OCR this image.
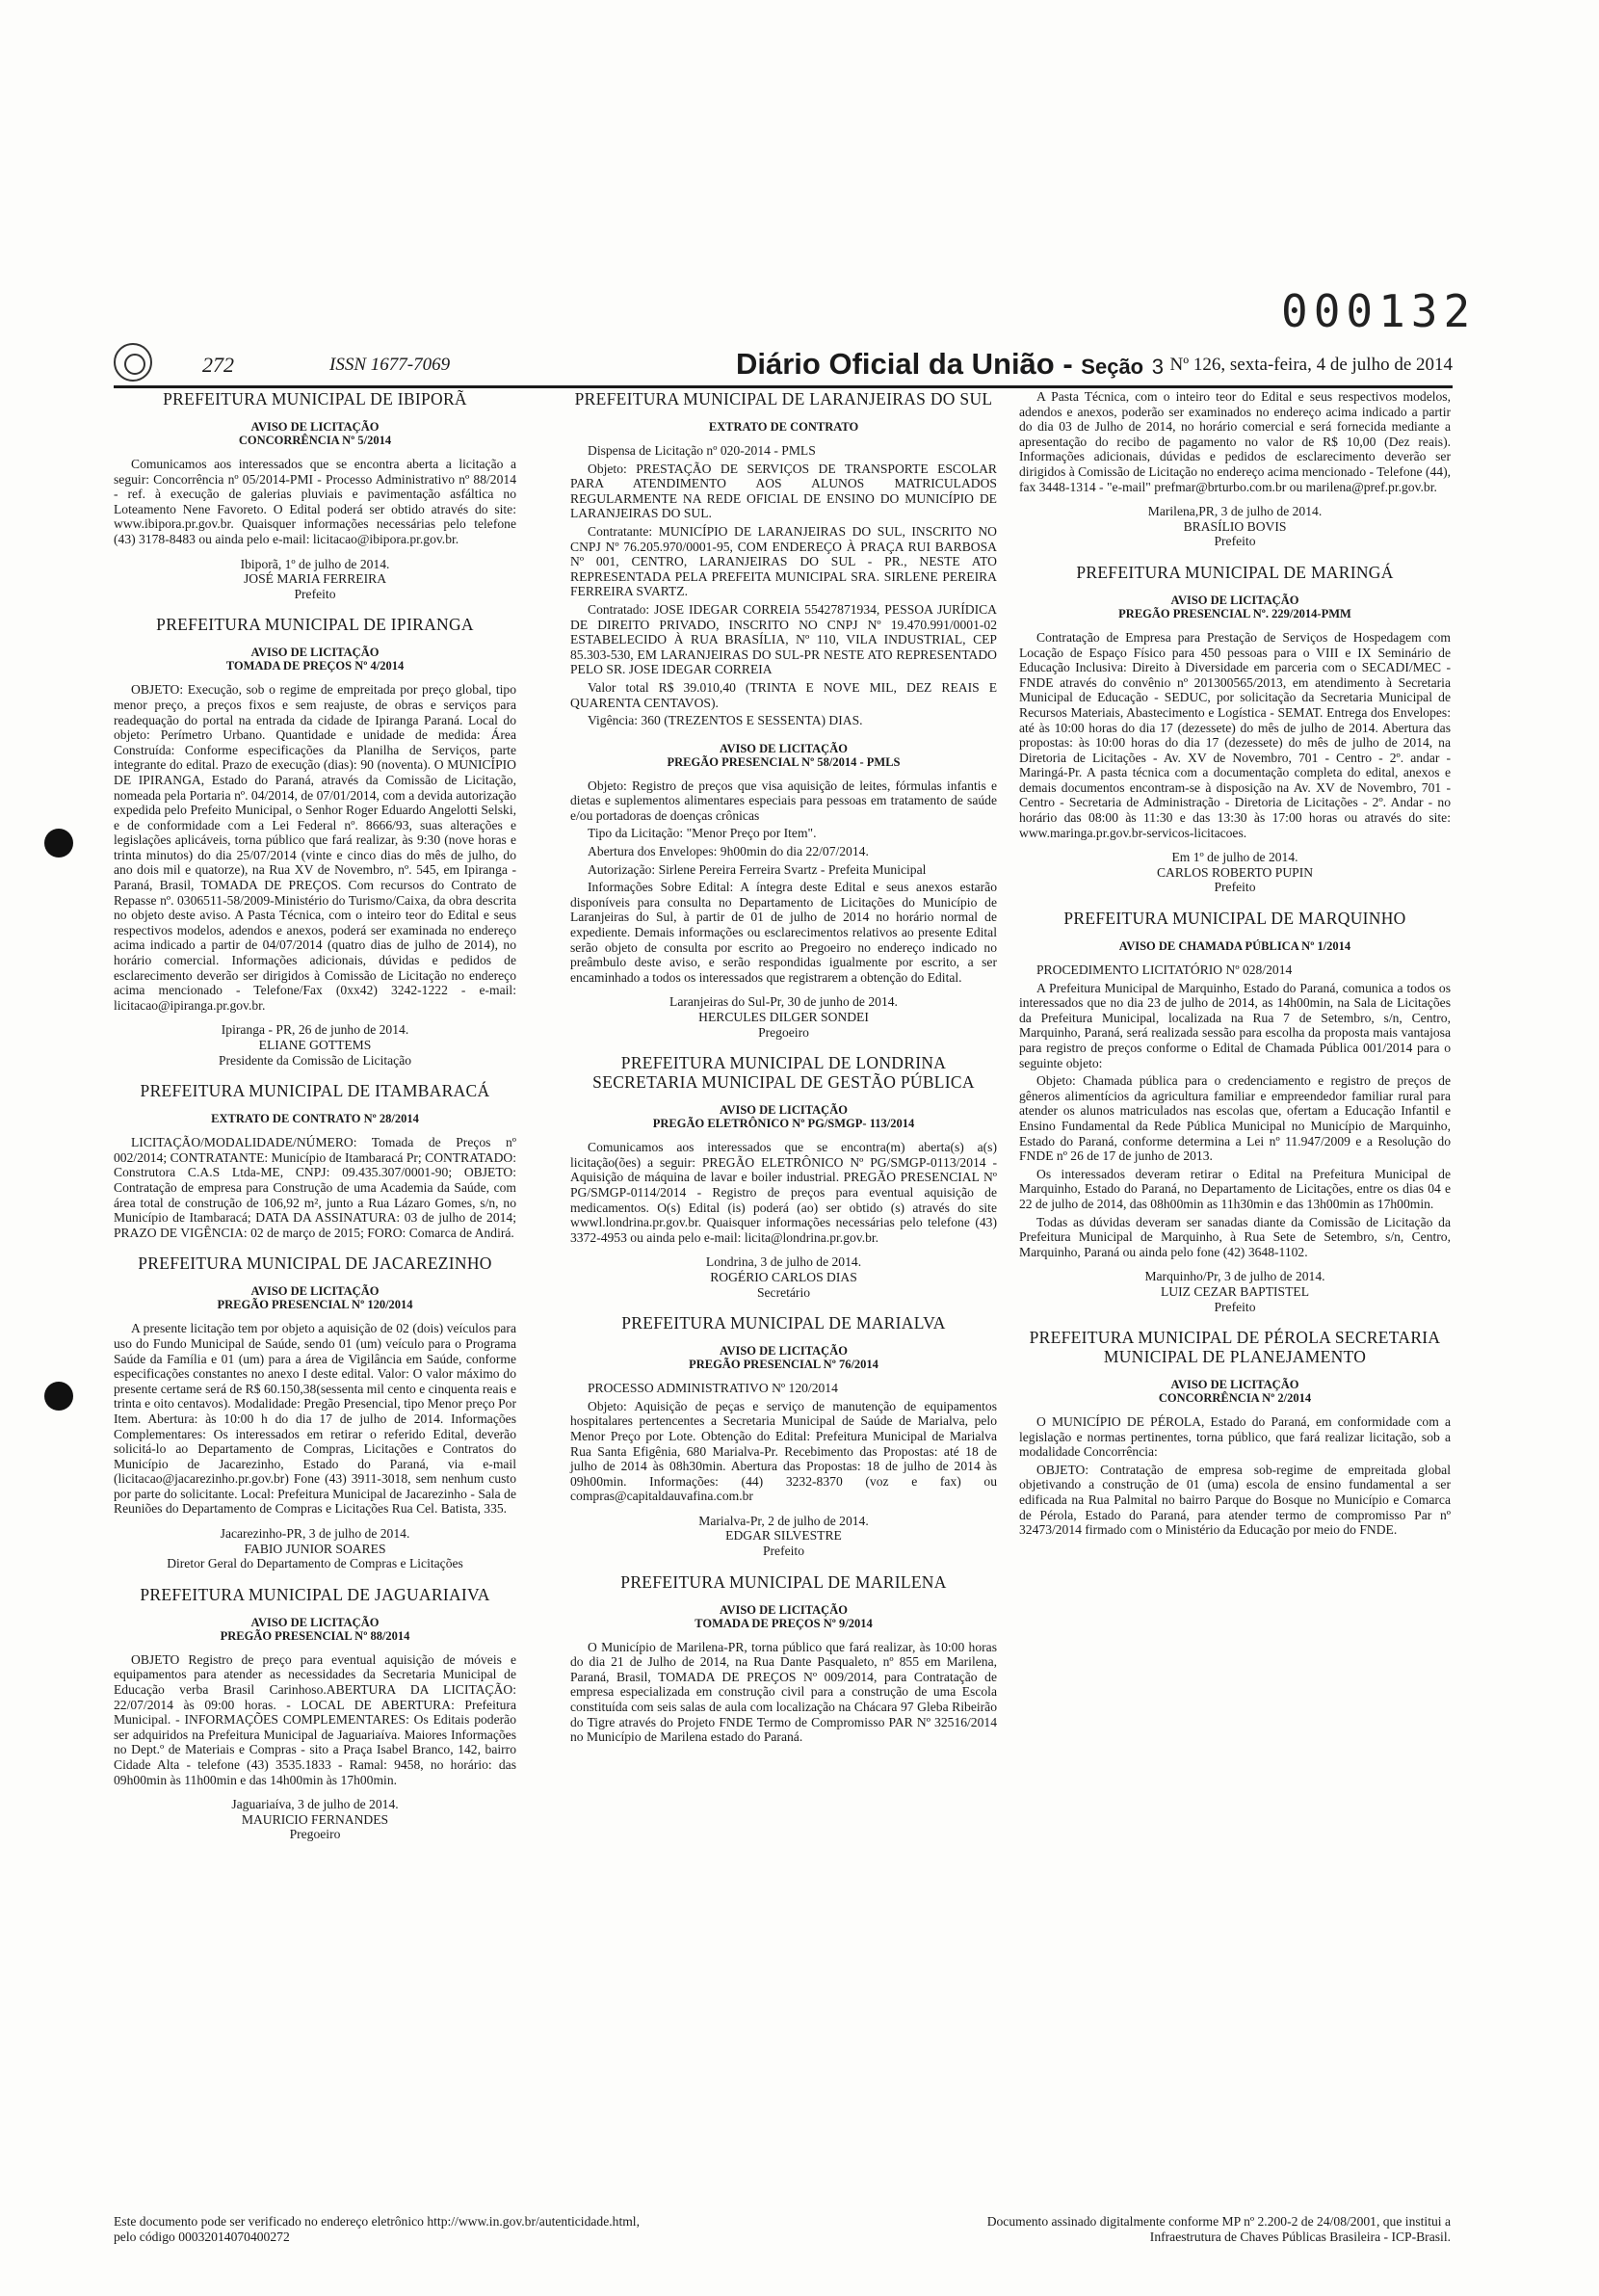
000132
272	ISSN 1677-7069	Diário Oficial da União - Seção 3 Nº 126, sexta-feira, 4 de julho de 2014
PREFEITURA MUNICIPAL DE IBIPORÃ
AVISO DE LICITAÇÃO
CONCORRÊNCIA Nº 5/2014

Comunicamos aos interessados que se encontra aberta a licitação a seguir: Concorrência nº 05/2014-PMI - Processo Administrativo nº 88/2014 - ref. à execução de galerias pluviais e pavimentação asfáltica no Loteamento Nene Favoreto. O Edital poderá ser obtido através do site: www.ibipora.pr.gov.br. Quaisquer informações necessárias pelo telefone (43) 3178-8483 ou ainda pelo e-mail: licitacao@ibipora.pr.gov.br.

Ibiporã, 1º de julho de 2014.
JOSÉ MARIA FERREIRA
Prefeito
PREFEITURA MUNICIPAL DE IPIRANGA
AVISO DE LICITAÇÃO
TOMADA DE PREÇOS Nº 4/2014

OBJETO: Execução, sob o regime de empreitada por preço global, tipo menor preço, a preços fixos e sem reajuste, de obras e serviços para readequação do portal na entrada da cidade de Ipiranga Paraná. Local do objeto: Perímetro Urbano. Quantidade e unidade de medida: Área Construída: Conforme especificações da Planilha de Serviços, parte integrante do edital. Prazo de execução (dias): 90 (noventa). O MUNICÍPIO DE IPIRANGA, Estado do Paraná, através da Comissão de Licitação, nomeada pela Portaria nº. 04/2014, de 07/01/2014, com a devida autorização expedida pelo Prefeito Municipal, o Senhor Roger Eduardo Angelotti Selski, e de conformidade com a Lei Federal nº. 8666/93, suas alterações e legislações aplicáveis, torna público que fará realizar, às 9:30 (nove horas e trinta minutos) do dia 25/07/2014 (vinte e cinco dias do mês de julho, do ano dois mil e quatorze), na Rua XV de Novembro, nº. 545, em Ipiranga - Paraná, Brasil, TOMADA DE PREÇOS. Com recursos do Contrato de Repasse nº. 0306511-58/2009-Ministério do Turismo/Caixa, da obra descrita no objeto deste aviso. A Pasta Técnica, com o inteiro teor do Edital e seus respectivos modelos, adendos e anexos, poderá ser examinada no endereço acima indicado a partir de 04/07/2014 (quatro dias de julho de 2014), no horário comercial. Informações adicionais, dúvidas e pedidos de esclarecimento deverão ser dirigidos à Comissão de Licitação no endereço acima mencionado - Telefone/Fax (0xx42) 3242-1222 - e-mail: licitacao@ipiranga.pr.gov.br.

Ipiranga - PR, 26 de junho de 2014.
ELIANE GOTTEMS
Presidente da Comissão de Licitação
PREFEITURA MUNICIPAL DE ITAMBARACÁ
EXTRATO DE CONTRATO Nº 28/2014

LICITAÇÃO/MODALIDADE/NÚMERO: Tomada de Preços nº 002/2014; CONTRATANTE: Município de Itambaracá Pr; CONTRATADO: Construtora C.A.S Ltda-ME, CNPJ: 09.435.307/0001-90; OBJETO: Contratação de empresa para Construção de uma Academia da Saúde, com área total de construção de 106,92 m², junto a Rua Lázaro Gomes, s/n, no Município de Itambaracá; DATA DA ASSINATURA: 03 de julho de 2014; PRAZO DE VIGÊNCIA: 02 de março de 2015; FORO: Comarca de Andirá.

PREFEITURA MUNICIPAL DE JACAREZINHO
AVISO DE LICITAÇÃO
PREGÃO PRESENCIAL Nº 120/2014

A presente licitação tem por objeto a aquisição de 02 (dois) veículos para uso do Fundo Municipal de Saúde, sendo 01 (um) veículo para o Programa Saúde da Família e 01 (um) para a área de Vigilância em Saúde, conforme especificações constantes no anexo I deste edital. Valor: O valor máximo do presente certame será de R$ 60.150,38(sessenta mil cento e cinquenta reais e trinta e oito centavos). Modalidade: Pregão Presencial, tipo Menor preço Por Item. Abertura: às 10:00 h do dia 17 de julho de 2014. Informações Complementares: Os interessados em retirar o referido Edital, deverão solicitá-lo ao Departamento de Compras, Licitações e Contratos do Município de Jacarezinho, Estado do Paraná, via e-mail (licitacao@jacarezinho.pr.gov.br) Fone (43) 3911-3018, sem nenhum custo por parte do solicitante. Local: Prefeitura Municipal de Jacarezinho - Sala de Reuniões do Departamento de Compras e Licitações Rua Cel. Batista, 335.

Jacarezinho-PR, 3 de julho de 2014.
FABIO JUNIOR SOARES
Diretor Geral do Departamento de Compras e Licitações
PREFEITURA MUNICIPAL DE JAGUARIAIVA
AVISO DE LICITAÇÃO
PREGÃO PRESENCIAL Nº 88/2014

OBJETO Registro de preço para eventual aquisição de móveis e equipamentos para atender as necessidades da Secretaria Municipal de Educação verba Brasil Carinhoso.ABERTURA DA LICITAÇÃO: 22/07/2014 às 09:00 horas. - LOCAL DE ABERTURA: Prefeitura Municipal. - INFORMAÇÕES COMPLEMENTARES: Os Editais poderão ser adquiridos na Prefeitura Municipal de Jaguariaíva. Maiores Informações no Dept.º de Materiais e Compras - sito a Praça Isabel Branco, 142, bairro Cidade Alta - telefone (43) 3535.1833 - Ramal: 9458, no horário: das 09h00min às 11h00min e das 14h00min às 17h00min.

Jaguariaíva, 3 de julho de 2014.
MAURICIO FERNANDES
Pregoeiro
PREFEITURA MUNICIPAL DE LARANJEIRAS DO SUL
EXTRATO DE CONTRATO

Dispensa de Licitação nº 020-2014 - PMLS

Objeto: PRESTAÇÃO DE SERVIÇOS DE TRANSPORTE ESCOLAR PARA ATENDIMENTO AOS ALUNOS MATRICULADOS REGULARMENTE NA REDE OFICIAL DE ENSINO DO MUNICÍPIO DE LARANJEIRAS DO SUL.

Contratante: MUNICÍPIO DE LARANJEIRAS DO SUL, INSCRITO NO CNPJ Nº 76.205.970/0001-95, COM ENDEREÇO À PRAÇA RUI BARBOSA Nº 001, CENTRO, LARANJEIRAS DO SUL - PR., NESTE ATO REPRESENTADA PELA PREFEITA MUNICIPAL SRA. SIRLENE PEREIRA FERREIRA SVARTZ.

Contratado: JOSE IDEGAR CORREIA 55427871934, PESSOA JURÍDICA DE DIREITO PRIVADO, INSCRITO NO CNPJ Nº 19.470.991/0001-02 ESTABELECIDO À RUA BRASÍLIA, Nº 110, VILA INDUSTRIAL, CEP 85.303-530, EM LARANJEIRAS DO SUL-PR NESTE ATO REPRESENTADO PELO SR. JOSE IDEGAR CORREIA

Valor total R$ 39.010,40 (TRINTA E NOVE MIL, DEZ REAIS E QUARENTA CENTAVOS).

Vigência: 360 (TREZENTOS E SESSENTA) DIAS.

AVISO DE LICITAÇÃO
PREGÃO PRESENCIAL Nº 58/2014 - PMLS

Objeto: Registro de preços que visa aquisição de leites, fórmulas infantis e dietas e suplementos alimentares especiais para pessoas em tratamento de saúde e/ou portadoras de doenças crônicas

Tipo da Licitação: "Menor Preço por Item".

Abertura dos Envelopes: 9h00min do dia 22/07/2014.

Autorização: Sirlene Pereira Ferreira Svartz - Prefeita Municipal

Informações Sobre Edital: A íntegra deste Edital e seus anexos estarão disponíveis para consulta no Departamento de Licitações do Município de Laranjeiras do Sul, à partir de 01 de julho de 2014 no horário normal de expediente. Demais informações ou esclarecimentos relativos ao presente Edital serão objeto de consulta por escrito ao Pregoeiro no endereço indicado no preâmbulo deste aviso, e serão respondidas igualmente por escrito, a ser encaminhado a todos os interessados que registrarem a obtenção do Edital.

Laranjeiras do Sul-Pr, 30 de junho de 2014.
HERCULES DILGER SONDEI
Pregoeiro
PREFEITURA MUNICIPAL DE LONDRINA SECRETARIA MUNICIPAL DE GESTÃO PÚBLICA
AVISO DE LICITAÇÃO
PREGÃO ELETRÔNICO Nº PG/SMGP- 113/2014

Comunicamos aos interessados que se encontra(m) aberta(s) a(s) licitação(ões) a seguir: PREGÃO ELETRÔNICO Nº PG/SMGP-0113/2014 - Aquisição de máquina de lavar e boiler industrial. PREGÃO PRESENCIAL Nº PG/SMGP-0114/2014 - Registro de preços para eventual aquisição de medicamentos. O(s) Edital (is) poderá (ao) ser obtido (s) através do site wwwl.londrina.pr.gov.br. Quaisquer informações necessárias pelo telefone (43) 3372-4953 ou ainda pelo e-mail: licita@londrina.pr.gov.br.

Londrina, 3 de julho de 2014.
ROGÉRIO CARLOS DIAS
Secretário
PREFEITURA MUNICIPAL DE MARIALVA
AVISO DE LICITAÇÃO
PREGÃO PRESENCIAL Nº 76/2014

PROCESSO ADMINISTRATIVO Nº 120/2014

Objeto: Aquisição de peças e serviço de manutenção de equipamentos hospitalares pertencentes a Secretaria Municipal de Saúde de Marialva, pelo Menor Preço por Lote. Obtenção do Edital: Prefeitura Municipal de Marialva Rua Santa Efigênia, 680 Marialva-Pr. Recebimento das Propostas: até 18 de julho de 2014 às 08h30min. Abertura das Propostas: 18 de julho de 2014 às 09h00min. Informações: (44) 3232-8370 (voz e fax) ou compras@capitaldauvafina.com.br

Marialva-Pr, 2 de julho de 2014.
EDGAR SILVESTRE
Prefeito
PREFEITURA MUNICIPAL DE MARILENA
AVISO DE LICITAÇÃO
TOMADA DE PREÇOS Nº 9/2014

O Município de Marilena-PR, torna público que fará realizar, às 10:00 horas do dia 21 de Julho de 2014, na Rua Dante Pasqualeto, nº 855 em Marilena, Paraná, Brasil, TOMADA DE PREÇOS Nº 009/2014, para Contratação de empresa especializada em construção civil para a construção de uma Escola constituída com seis salas de aula com localização na Chácara 97 Gleba Ribeirão do Tigre através do Projeto FNDE Termo de Compromisso PAR Nº 32516/2014 no Município de Marilena estado do Paraná.

A Pasta Técnica, com o inteiro teor do Edital e seus respectivos modelos, adendos e anexos, poderão ser examinados no endereço acima indicado a partir do dia 03 de Julho de 2014, no horário comercial e será fornecida mediante a apresentação do recibo de pagamento no valor de R$ 10,00 (Dez reais). Informações adicionais, dúvidas e pedidos de esclarecimento deverão ser dirigidos à Comissão de Licitação no endereço acima mencionado - Telefone (44), fax 3448-1314 - "e-mail" prefmar@brturbo.com.br ou marilena@pref.pr.gov.br.

Marilena,PR, 3 de julho de 2014.
BRASÍLIO BOVIS
Prefeito
PREFEITURA MUNICIPAL DE MARINGÁ
AVISO DE LICITAÇÃO
PREGÃO PRESENCIAL Nº. 229/2014-PMM

Contratação de Empresa para Prestação de Serviços de Hospedagem com Locação de Espaço Físico para 450 pessoas para o VIII e IX Seminário de Educação Inclusiva: Direito à Diversidade em parceria com o SECADI/MEC -FNDE através do convênio nº 201300565/2013, em atendimento à Secretaria Municipal de Educação - SEDUC, por solicitação da Secretaria Municipal de Recursos Materiais, Abastecimento e Logística - SEMAT. Entrega dos Envelopes: até às 10:00 horas do dia 17 (dezessete) do mês de julho de 2014. Abertura das propostas: às 10:00 horas do dia 17 (dezessete) do mês de julho de 2014, na Diretoria de Licitações - Av. XV de Novembro, 701 - Centro - 2º. andar - Maringá-Pr. A pasta técnica com a documentação completa do edital, anexos e demais documentos encontram-se à disposição na Av. XV de Novembro, 701 - Centro - Secretaria de Administração - Diretoria de Licitações - 2º. Andar - no horário das 08:00 às 11:30 e das 13:30 às 17:00 horas ou através do site: www.maringa.pr.gov.br-servicos-licitacoes.

Em 1º de julho de 2014.
CARLOS ROBERTO PUPIN
Prefeito
PREFEITURA MUNICIPAL DE MARQUINHO
AVISO DE CHAMADA PÚBLICA Nº 1/2014

PROCEDIMENTO LICITATÓRIO Nº 028/2014

A Prefeitura Municipal de Marquinho, Estado do Paraná, comunica a todos os interessados que no dia 23 de julho de 2014, as 14h00min, na Sala de Licitações da Prefeitura Municipal, localizada na Rua 7 de Setembro, s/n, Centro, Marquinho, Paraná, será realizada sessão para escolha da proposta mais vantajosa para registro de preços conforme o Edital de Chamada Pública 001/2014 para o seguinte objeto:

Objeto: Chamada pública para o credenciamento e registro de preços de gêneros alimentícios da agricultura familiar e empreendedor familiar rural para atender os alunos matriculados nas escolas que, ofertam a Educação Infantil e Ensino Fundamental da Rede Pública Municipal no Município de Marquinho, Estado do Paraná, conforme determina a Lei nº 11.947/2009 e a Resolução do FNDE nº 26 de 17 de junho de 2013.

Os interessados deveram retirar o Edital na Prefeitura Municipal de Marquinho, Estado do Paraná, no Departamento de Licitações, entre os dias 04 e 22 de julho de 2014, das 08h00min as 11h30min e das 13h00min as 17h00min.

Todas as dúvidas deveram ser sanadas diante da Comissão de Licitação da Prefeitura Municipal de Marquinho, à Rua Sete de Setembro, s/n, Centro, Marquinho, Paraná ou ainda pelo fone (42) 3648-1102.

Marquinho/Pr, 3 de julho de 2014.
LUIZ CEZAR BAPTISTEL
Prefeito
PREFEITURA MUNICIPAL DE PÉROLA SECRETARIA MUNICIPAL DE PLANEJAMENTO
AVISO DE LICITAÇÃO
CONCORRÊNCIA Nº 2/2014

O MUNICÍPIO DE PÉROLA, Estado do Paraná, em conformidade com a legislação e normas pertinentes, torna público, que fará realizar licitação, sob a modalidade Concorrência:

OBJETO: Contratação de empresa sob-regime de empreitada global objetivando a construção de 01 (uma) escola de ensino fundamental a ser edificada na Rua Palmital no bairro Parque do Bosque no Município e Comarca de Pérola, Estado do Paraná, para atender termo de compromisso Par nº 32473/2014 firmado com o Ministério da Educação por meio do FNDE.

Este documento pode ser verificado no endereço eletrônico http://www.in.gov.br/autenticidade.html,
pelo código 00032014070400272
Documento assinado digitalmente conforme MP nº 2.200-2 de 24/08/2001, que institui a
Infraestrutura de Chaves Públicas Brasileira - ICP-Brasil.
